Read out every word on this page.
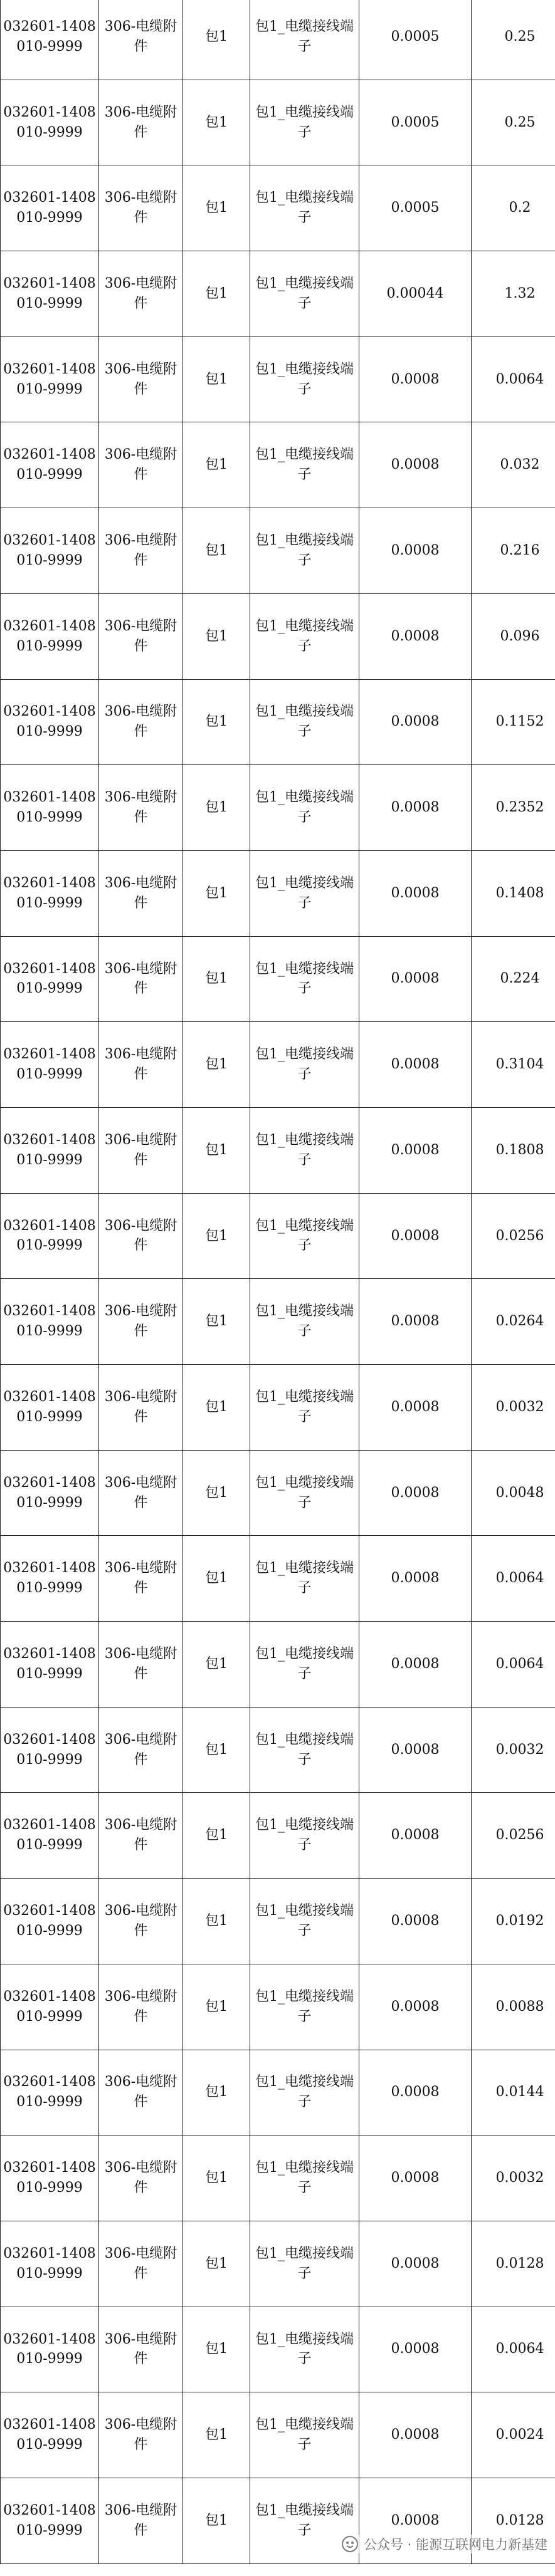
032601-1408010-9999	306-电缆附件	包1	包1_电缆接线端子	0.0005	0.25
032601-1408010-9999	306-电缆附件	包1	包1_电缆接线端子	0.0005	0.25
032601-1408010-9999	306-电缆附件	包1	包1_电缆接线端子	0.0005	0.2
032601-1408010-9999	306-电缆附件	包1	包1_电缆接线端子	0.00044	1.32
032601-1408010-9999	306-电缆附件	包1	包1_电缆接线端子	0.0008	0.0064
032601-1408010-9999	306-电缆附件	包1	包1_电缆接线端子	0.0008	0.032
032601-1408010-9999	306-电缆附件	包1	包1_电缆接线端子	0.0008	0.216
032601-1408010-9999	306-电缆附件	包1	包1_电缆接线端子	0.0008	0.096
032601-1408010-9999	306-电缆附件	包1	包1_电缆接线端子	0.0008	0.1152
032601-1408010-9999	306-电缆附件	包1	包1_电缆接线端子	0.0008	0.2352
032601-1408010-9999	306-电缆附件	包1	包1_电缆接线端子	0.0008	0.1408
032601-1408010-9999	306-电缆附件	包1	包1_电缆接线端子	0.0008	0.224
032601-1408010-9999	306-电缆附件	包1	包1_电缆接线端子	0.0008	0.3104
032601-1408010-9999	306-电缆附件	包1	包1_电缆接线端子	0.0008	0.1808
032601-1408010-9999	306-电缆附件	包1	包1_电缆接线端子	0.0008	0.0256
032601-1408010-9999	306-电缆附件	包1	包1_电缆接线端子	0.0008	0.0264
032601-1408010-9999	306-电缆附件	包1	包1_电缆接线端子	0.0008	0.0032
032601-1408010-9999	306-电缆附件	包1	包1_电缆接线端子	0.0008	0.0048
032601-1408010-9999	306-电缆附件	包1	包1_电缆接线端子	0.0008	0.0064
032601-1408010-9999	306-电缆附件	包1	包1_电缆接线端子	0.0008	0.0064
032601-1408010-9999	306-电缆附件	包1	包1_电缆接线端子	0.0008	0.0032
032601-1408010-9999	306-电缆附件	包1	包1_电缆接线端子	0.0008	0.0256
032601-1408010-9999	306-电缆附件	包1	包1_电缆接线端子	0.0008	0.0192
032601-1408010-9999	306-电缆附件	包1	包1_电缆接线端子	0.0008	0.0088
032601-1408010-9999	306-电缆附件	包1	包1_电缆接线端子	0.0008	0.0144
032601-1408010-9999	306-电缆附件	包1	包1_电缆接线端子	0.0008	0.0032
032601-1408010-9999	306-电缆附件	包1	包1_电缆接线端子	0.0008	0.0128
032601-1408010-9999	306-电缆附件	包1	包1_电缆接线端子	0.0008	0.0064
032601-1408010-9999	306-电缆附件	包1	包1_电缆接线端子	0.0008	0.0024
032601-1408010-9999	306-电缆附件	包1	包1_电缆接线端子	0.0008	0.0128
公众号 · 能源互联网电力新基建
